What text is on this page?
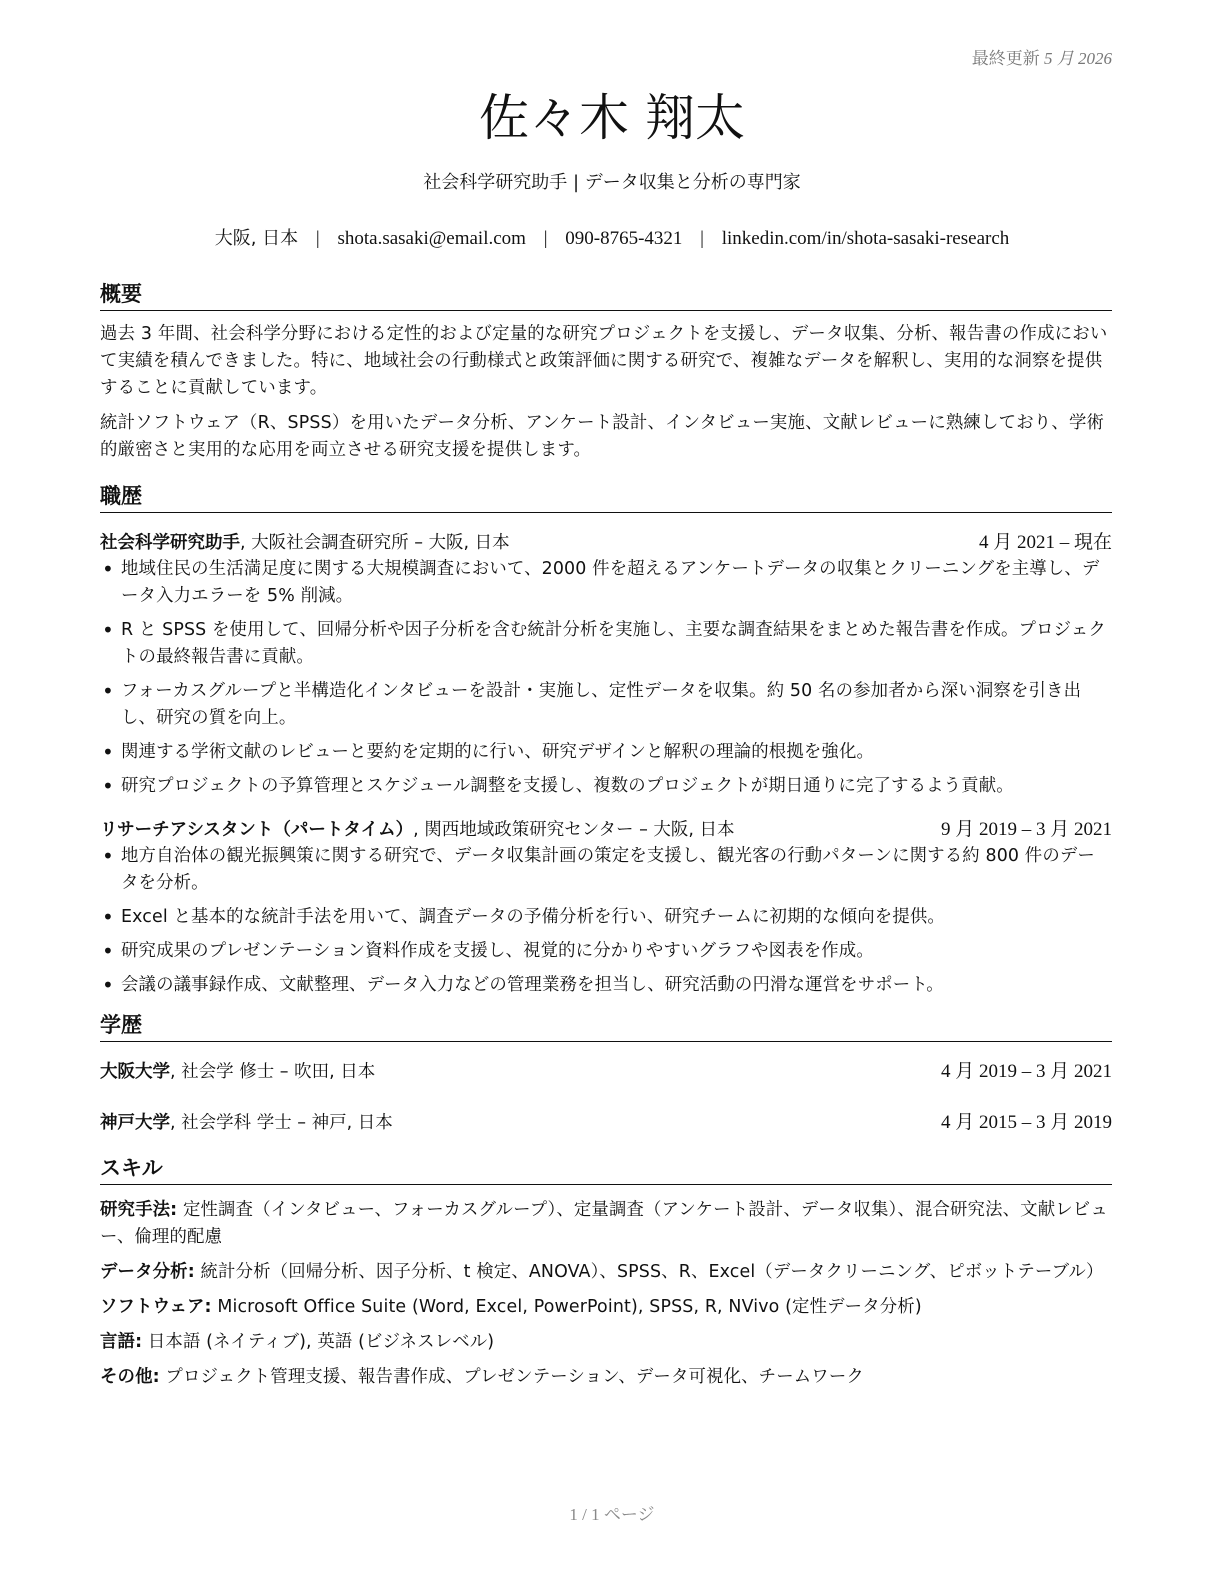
最終更新 5 月 2026
佐々木 翔太
社会科学研究助手 | データ収集と分析の専門家
大阪, 日本 | shota.sasaki@email.com | 090-8765-4321 | linkedin.com/in/shota-sasaki-research
概要

過去 3 年間、社会科学分野における定性的および定量的な研究プロジェクトを支援し、データ収集、分析、報告書の作成において実績を積んできました。特に、地域社会の行動様式と政策評価に関する研究で、複雑なデータを解釈し、実用的な洞察を提供することに貢献しています。

統計ソフトウェア（R、SPSS）を用いたデータ分析、アンケート設計、インタビュー実施、文献レビューに熟練しており、学術的厳密さと実用的な応用を両立させる研究支援を提供します。

職歴
社会科学研究助手, 大阪社会調査研究所 – 大阪, 日本	4 月 2021 – 現在
• 地域住民の生活満足度に関する大規模調査において、2000 件を超えるアンケートデータの収集とクリーニングを主導し、データ入力エラーを 5% 削減。
• R と SPSS を使用して、回帰分析や因子分析を含む統計分析を実施し、主要な調査結果をまとめた報告書を作成。プロジェクトの最終報告書に貢献。
• フォーカスグループと半構造化インタビューを設計・実施し、定性データを収集。約 50 名の参加者から深い洞察を引き出し、研究の質を向上。
• 関連する学術文献のレビューと要約を定期的に行い、研究デザインと解釈の理論的根拠を強化。
• 研究プロジェクトの予算管理とスケジュール調整を支援し、複数のプロジェクトが期日通りに完了するよう貢献。
リサーチアシスタント（パートタイム）, 関西地域政策研究センター – 大阪, 日本	9 月 2019 – 3 月 2021
• 地方自治体の観光振興策に関する研究で、データ収集計画の策定を支援し、観光客の行動パターンに関する約 800 件のデータを分析。
• Excel と基本的な統計手法を用いて、調査データの予備分析を行い、研究チームに初期的な傾向を提供。
• 研究成果のプレゼンテーション資料作成を支援し、視覚的に分かりやすいグラフや図表を作成。
• 会議の議事録作成、文献整理、データ入力などの管理業務を担当し、研究活動の円滑な運営をサポート。
学歴
大阪大学, 社会学 修士 – 吹田, 日本	4 月 2019 – 3 月 2021
神戸大学, 社会学科 学士 – 神戸, 日本	4 月 2015 – 3 月 2019
スキル

研究手法: 定性調査（インタビュー、フォーカスグループ）、定量調査（アンケート設計、データ収集）、混合研究法、文献レビュー、倫理的配慮

データ分析: 統計分析（回帰分析、因子分析、t 検定、ANOVA）、SPSS、R、Excel（データクリーニング、ピボットテーブル）

ソフトウェア: Microsoft Office Suite (Word, Excel, PowerPoint), SPSS, R, NVivo (定性データ分析)

言語: 日本語 (ネイティブ), 英語 (ビジネスレベル)

その他: プロジェクト管理支援、報告書作成、プレゼンテーション、データ可視化、チームワーク

1 / 1 ページ
